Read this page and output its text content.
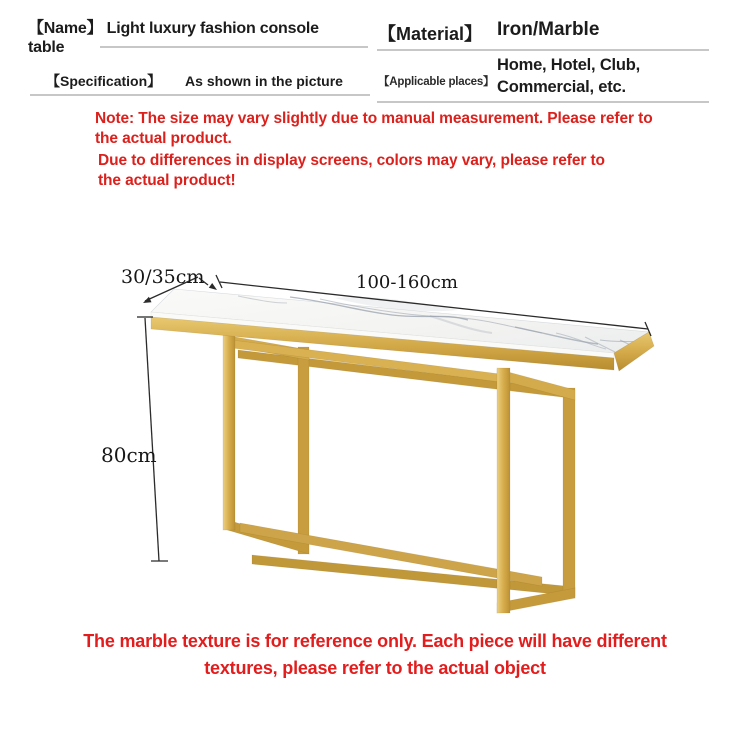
30/35cm	100-160cm
80cm
【Name】 Light luxury fashion console table
【Specification】 As shown in the picture
【Material】 Iron/Marble
【Applicable places】
Home, Hotel, Club, Commercial, etc.
Note: The size may vary slightly due to manual measurement. Please refer to
the actual product.
Due to differences in display screens, colors may vary, please refer to
the actual product!
The marble texture is for reference only. Each piece will have different
textures, please refer to the actual object
